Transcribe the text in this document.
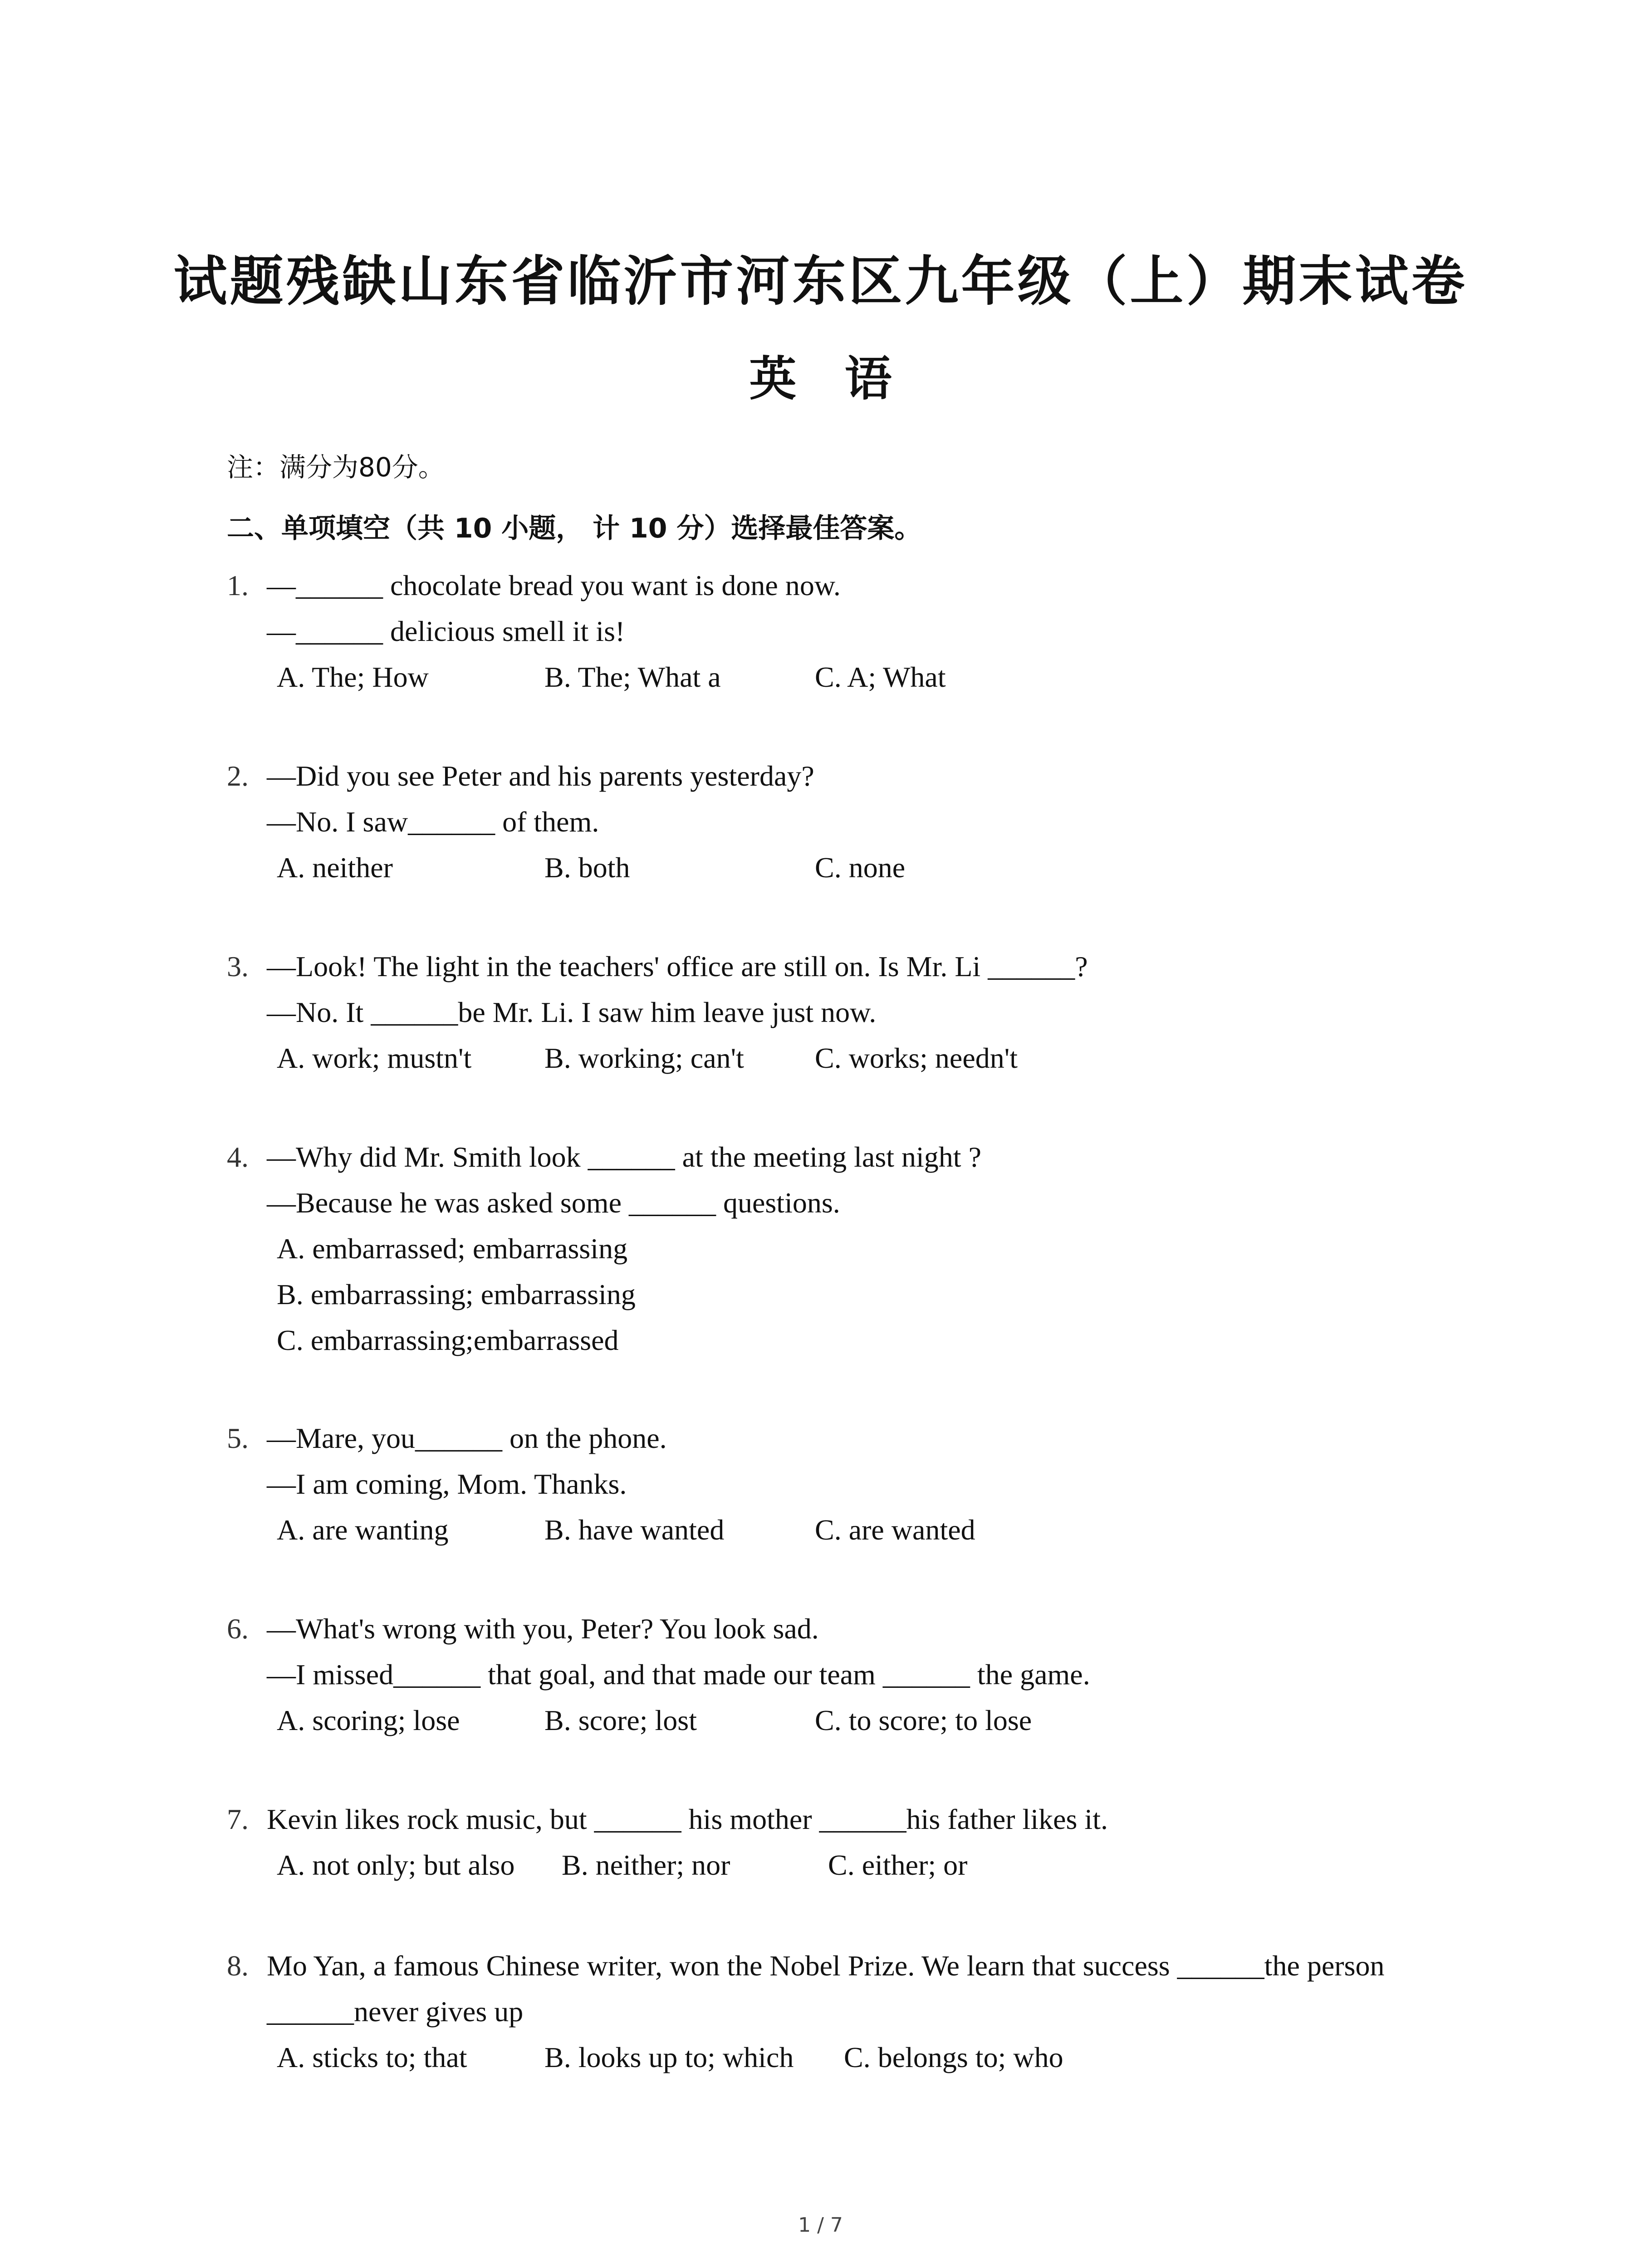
试题残缺山东省临沂市河东区九年级（上）期末试卷
英 语
注：满分为80分。
二、单项填空（共 10 小题， 计 10 分）选择最佳答案。
1. —______ chocolate bread you want is done now.
—______ delicious smell it is!
A. The; How	B. The; What a	C. A; What
2. —Did you see Peter and his parents yesterday?
—No. I saw______ of them.
A. neither	B. both	C. none
3. —Look! The light in the teachers' office are still on. Is Mr. Li ______?
—No. It ______be Mr. Li. I saw him leave just now.
A. work; mustn't	B. working; can't C. works; needn't
4. —Why did Mr. Smith look ______ at the meeting last night ?
—Because he was asked some ______ questions.
A. embarrassed; embarrassing
B. embarrassing; embarrassing
C. embarrassing;embarrassed
5. —Mare, you______ on the phone.
—I am coming, Mom. Thanks.
A. are wanting	B. have wanted	C. are wanted
6. —What's wrong with you, Peter? You look sad.
—I missed______ that goal, and that made our team ______ the game.
A. scoring; lose	B. score; lost	C. to score; to lose
7. Kevin likes rock music, but ______ his mother ______his father likes it.
A. not only; but also B. neither; nor	C. either; or
8. Mo Yan, a famous Chinese writer, won the Nobel Prize. We learn that success ______the person ______never gives up
A. sticks to; that	B. looks up to; which C. belongs to; who
1 / 7
